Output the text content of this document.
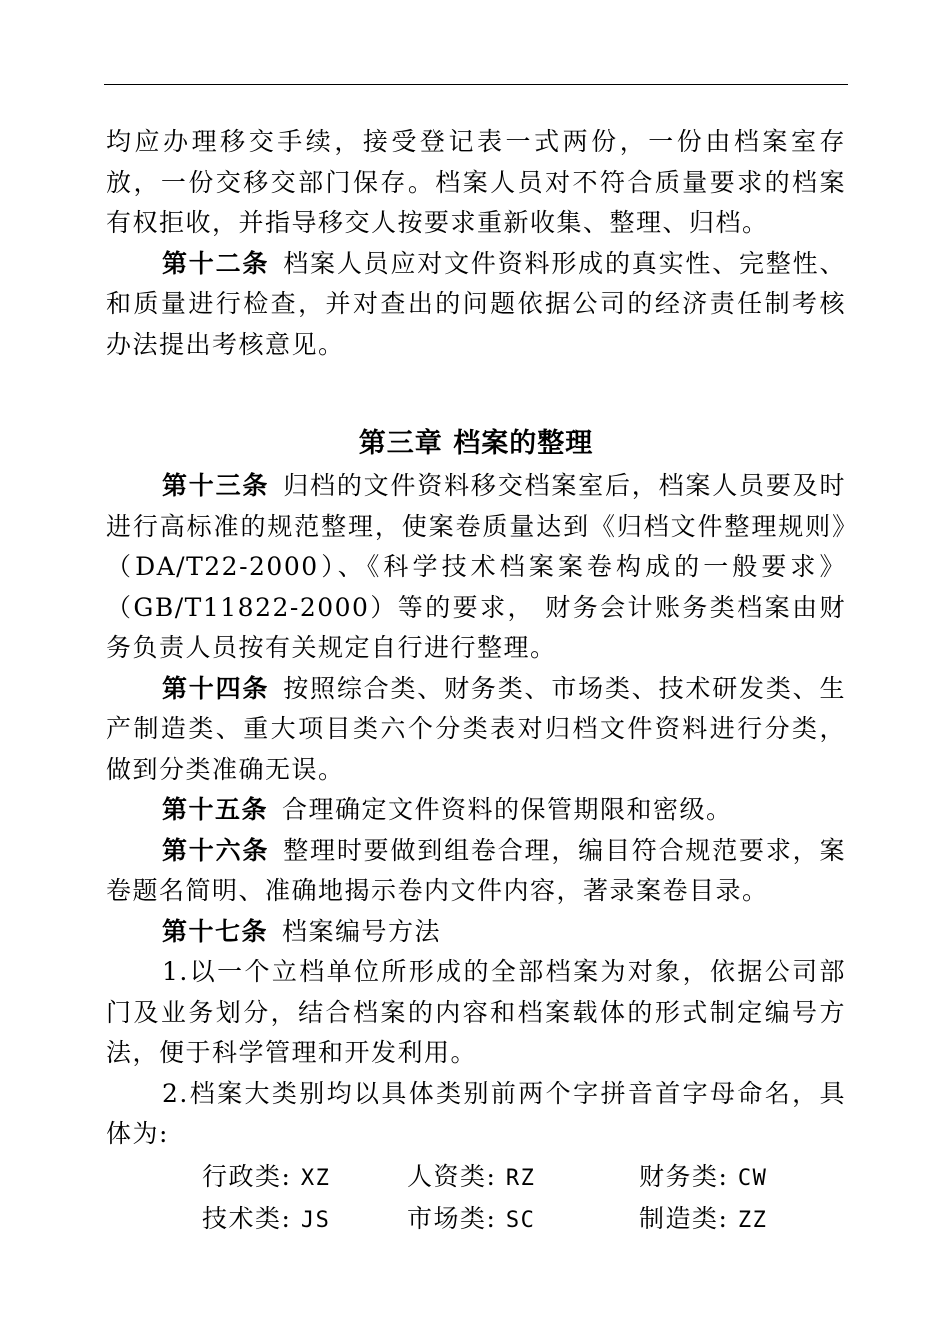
均应办理移交手续，接受登记表一式两份，一份由档案室存放，一份交移交部门保存。档案人员对不符合质量要求的档案有权拒收，并指导移交人按要求重新收集、整理、归档。

第十二条 档案人员应对文件资料形成的真实性、完整性、和质量进行检查，并对查出的问题依据公司的经济责任制考核办法提出考核意见。

第三章 档案的整理

第十三条 归档的文件资料移交档案室后，档案人员要及时进行高标准的规范整理，使案卷质量达到《归档文件整理规则》（DA/T22-2000）、《科学技术档案案卷构成的一般要求》（GB/T11822-2000）等的要求， 财务会计账务类档案由财务负责人员按有关规定自行进行整理。

第十四条 按照综合类、财务类、市场类、技术研发类、生产制造类、重大项目类六个分类表对归档文件资料进行分类，做到分类准确无误。

第十五条 合理确定文件资料的保管期限和密级。

第十六条 整理时要做到组卷合理，编目符合规范要求，案卷题名简明、准确地揭示卷内文件内容，著录案卷目录。

第十七条 档案编号方法

1.以一个立档单位所形成的全部档案为对象，依据公司部门及业务划分，结合档案的内容和档案载体的形式制定编号方法，便于科学管理和开发利用。

2.档案大类别均以具体类别前两个字拼音首字母命名，具体为:

行政类: XZ	人资类: RZ	财务类: CW
技术类: JS	市场类: SC	制造类: ZZ
